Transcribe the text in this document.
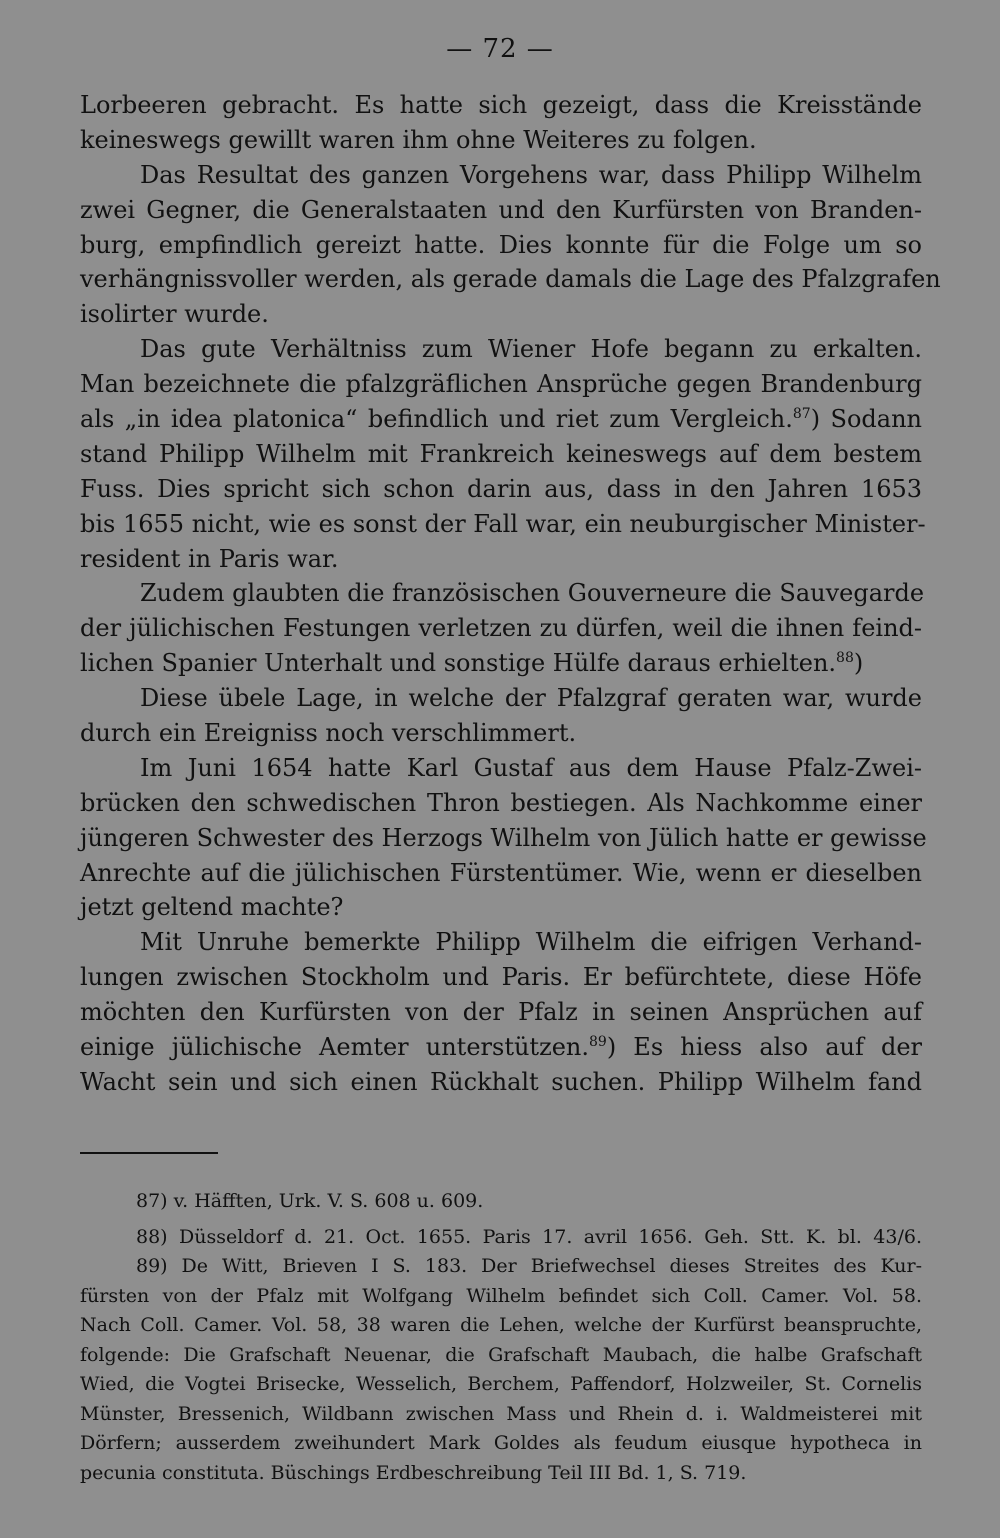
— 72 —
Lorbeeren gebracht. Es hatte sich gezeigt, dass die Kreisstände
keineswegs gewillt waren ihm ohne Weiteres zu folgen.
Das Resultat des ganzen Vorgehens war, dass Philipp Wilhelm
zwei Gegner, die Generalstaaten und den Kurfürsten von Branden-
burg, empfindlich gereizt hatte. Dies konnte für die Folge um so
verhängnissvoller werden, als gerade damals die Lage des Pfalzgrafen
isolirter wurde.
Das gute Verhältniss zum Wiener Hofe begann zu erkalten.
Man bezeichnete die pfalzgräflichen Ansprüche gegen Brandenburg
als „in idea platonica“ befindlich und riet zum Vergleich.$^{87}$) Sodann
stand Philipp Wilhelm mit Frankreich keineswegs auf dem bestem
Fuss. Dies spricht sich schon darin aus, dass in den Jahren 1653
bis 1655 nicht, wie es sonst der Fall war, ein neuburgischer Minister-
resident in Paris war.
Zudem glaubten die französischen Gouverneure die Sauvegarde
der jülichischen Festungen verletzen zu dürfen, weil die ihnen feind-
lichen Spanier Unterhalt und sonstige Hülfe daraus erhielten.$^{88}$)
Diese übele Lage, in welche der Pfalzgraf geraten war, wurde
durch ein Ereigniss noch verschlimmert.
Im Juni 1654 hatte Karl Gustaf aus dem Hause Pfalz-Zwei-
brücken den schwedischen Thron bestiegen. Als Nachkomme einer
jüngeren Schwester des Herzogs Wilhelm von Jülich hatte er gewisse
Anrechte auf die jülichischen Fürstentümer. Wie, wenn er dieselben
jetzt geltend machte?
Mit Unruhe bemerkte Philipp Wilhelm die eifrigen Verhand-
lungen zwischen Stockholm und Paris. Er befürchtete, diese Höfe
möchten den Kurfürsten von der Pfalz in seinen Ansprüchen auf
einige jülichische Aemter unterstützen.$^{89}$) Es hiess also auf der
Wacht sein und sich einen Rückhalt suchen. Philipp Wilhelm fand
87) v. Häfften, Urk. V. S. 608 u. 609.
88) Düsseldorf d. 21. Oct. 1655. Paris 17. avril 1656. Geh. Stt. K. bl. 43/6.
89) De Witt, Brieven I S. 183. Der Briefwechsel dieses Streites des Kur-
fürsten von der Pfalz mit Wolfgang Wilhelm befindet sich Coll. Camer. Vol. 58.
Nach Coll. Camer. Vol. 58, 38 waren die Lehen, welche der Kurfürst beanspruchte,
folgende: Die Grafschaft Neuenar, die Grafschaft Maubach, die halbe Grafschaft
Wied, die Vogtei Brisecke, Wesselich, Berchem, Paffendorf, Holzweiler, St. Cornelis
Münster, Bressenich, Wildbann zwischen Mass und Rhein d. i. Waldmeisterei mit
Dörfern; ausserdem zweihundert Mark Goldes als feudum eiusque hypotheca in
pecunia constituta. Büschings Erdbeschreibung Teil III Bd. 1, S. 719.
